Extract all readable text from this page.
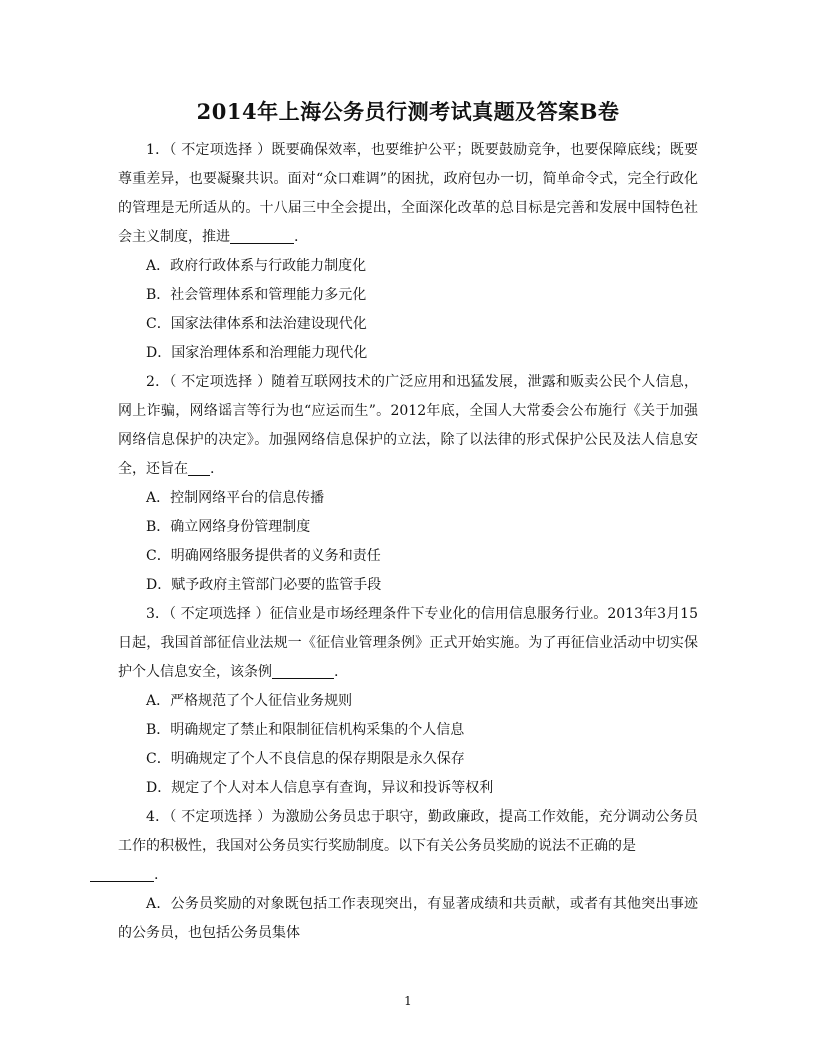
2014年上海公务员行测考试真题及答案B卷

1．（ 不定项选择 ）既要确保效率，也要维护公平；既要鼓励竞争，也要保障底线；既要尊重差异，也要凝聚共识。面对“众口难调”的困扰，政府包办一切，简单命令式，完全行政化的管理是无所适从的。十八届三中全会提出，全面深化改革的总目标是完善和发展中国特色社会主义制度，推进	.

A．政府行政体系与行政能力制度化

B．社会管理体系和管理能力多元化

C．国家法律体系和法治建设现代化

D．国家治理体系和治理能力现代化

2．（ 不定项选择 ）随着互联网技术的广泛应用和迅猛发展，泄露和贩卖公民个人信息，网上诈骗，网络谣言等行为也“应运而生”。2012年底，全国人大常委会公布施行《关于加强网络信息保护的决定》。加强网络信息保护的立法，除了以法律的形式保护公民及法人信息安全，还旨在 .

A．控制网络平台的信息传播

B．确立网络身份管理制度

C．明确网络服务提供者的义务和责任

D．赋予政府主管部门必要的监管手段

3．（ 不定项选择 ）征信业是市场经理条件下专业化的信用信息服务行业。2013年3月15日起，我国首部征信业法规一《征信业管理条例》正式开始实施。为了再征信业活动中切实保护个人信息安全，该条例	.

A．严格规范了个人征信业务规则

B．明确规定了禁止和限制征信机构采集的个人信息

C．明确规定了个人不良信息的保存期限是永久保存

D．规定了个人对本人信息享有查询，异议和投诉等权利

4．（ 不定项选择 ）为激励公务员忠于职守，勤政廉政，提高工作效能，充分调动公务员工作的积极性，我国对公务员实行奖励制度。以下有关公务员奖励的说法不正确的是
.

A．公务员奖励的对象既包括工作表现突出，有显著成绩和共贡献，或者有其他突出事迹的公务员，也包括公务员集体

1
